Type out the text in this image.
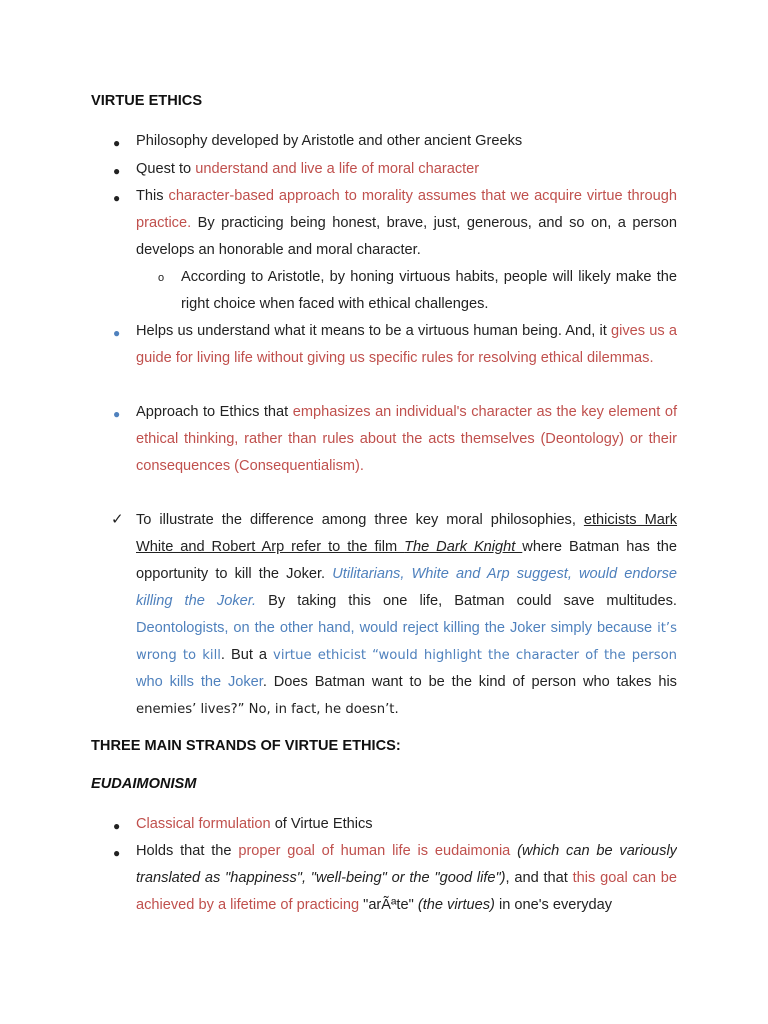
VIRTUE ETHICS
● Philosophy developed by Aristotle and other ancient Greeks
● Quest to understand and live a life of moral character
● This character-based approach to morality assumes that we acquire virtue through practice. By practicing being honest, brave, just, generous, and so on, a person develops an honorable and moral character.
o According to Aristotle, by honing virtuous habits, people will likely make the right choice when faced with ethical challenges.
● Helps us understand what it means to be a virtuous human being. And, it gives us a guide for living life without giving us specific rules for resolving ethical dilemmas.
● Approach to Ethics that emphasizes an individual's character as the key element of ethical thinking, rather than rules about the acts themselves (Deontology) or their consequences (Consequentialism).
✓ To illustrate the difference among three key moral philosophies, ethicists Mark White and Robert Arp refer to the film The Dark Knight where Batman has the opportunity to kill the Joker. Utilitarians, White and Arp suggest, would endorse killing the Joker. By taking this one life, Batman could save multitudes. Deontologists, on the other hand, would reject killing the Joker simply because it’s wrong to kill. But a virtue ethicist “would highlight the character of the person who kills the Joker. Does Batman want to be the kind of person who takes his enemies’ lives?” No, in fact, he doesn’t.
THREE MAIN STRANDS OF VIRTUE ETHICS:
EUDAIMONISM
● Classical formulation of Virtue Ethics
● Holds that the proper goal of human life is eudaimonia (which can be variously translated as "happiness", "well-being" or the "good life"), and that this goal can be achieved by a lifetime of practicing "arÃªte" (the virtues) in one's everyday
